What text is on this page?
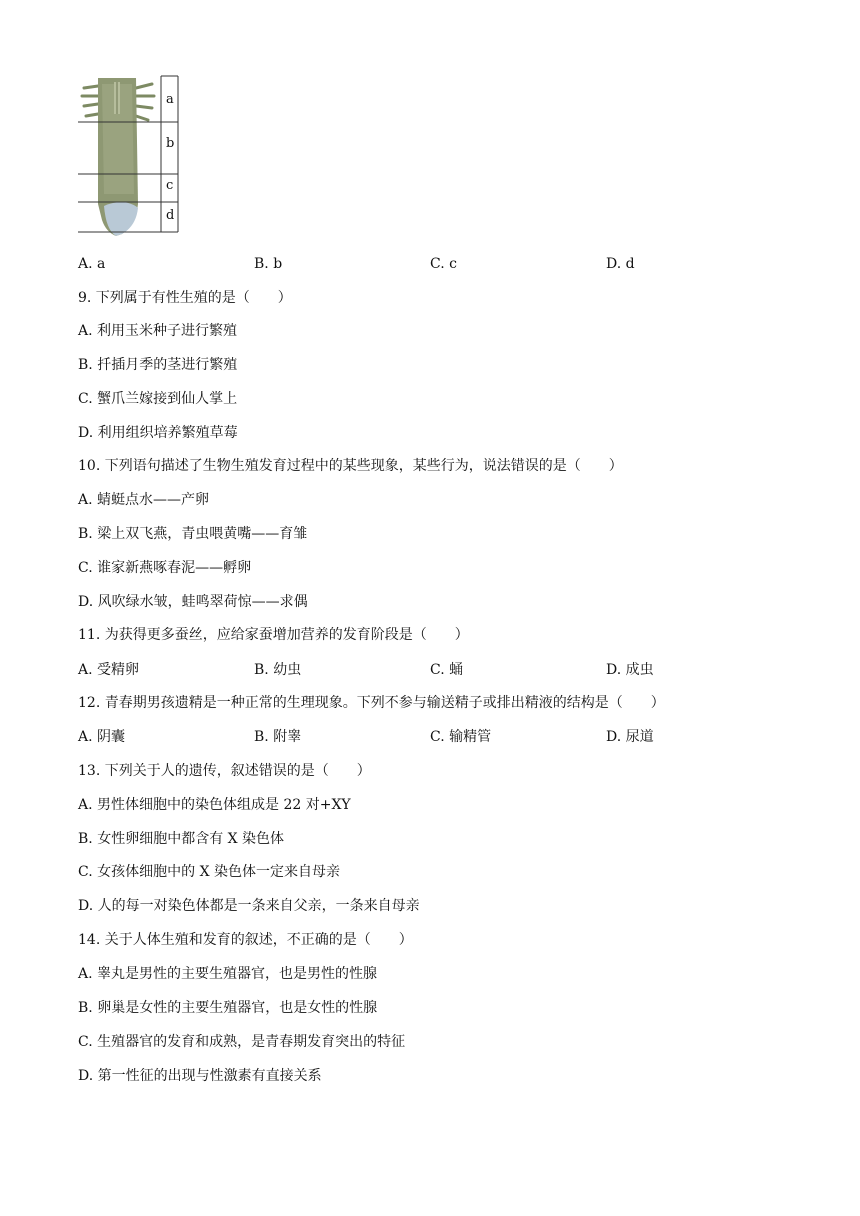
a
b
c
d
A. a	B. b	C. c	D. d
9. 下列属于有性生殖的是（　　）
A. 利用玉米种子进行繁殖
B. 扦插月季的茎进行繁殖
C. 蟹爪兰嫁接到仙人掌上
D. 利用组织培养繁殖草莓
10. 下列语句描述了生物生殖发育过程中的某些现象，某些行为，说法错误的是（　　）
A. 蜻蜓点水——产卵
B. 梁上双飞燕，青虫喂黄嘴——育雏
C. 谁家新燕啄春泥——孵卵
D. 风吹绿水皱，蛙鸣翠荷惊——求偶
11. 为获得更多蚕丝，应给家蚕增加营养的发育阶段是（　　）
A. 受精卵	B. 幼虫	C. 蛹	D. 成虫
12. 青春期男孩遗精是一种正常的生理现象。下列不参与输送精子或排出精液的结构是（　　）
A. 阴囊	B. 附睾	C. 输精管	D. 尿道
13. 下列关于人的遗传，叙述错误的是（　　）
A. 男性体细胞中的染色体组成是 22 对+XY
B. 女性卵细胞中都含有 X 染色体
C. 女孩体细胞中的 X 染色体一定来自母亲
D. 人的每一对染色体都是一条来自父亲，一条来自母亲
14. 关于人体生殖和发育的叙述，不正确的是（　　）
A. 睾丸是男性的主要生殖器官，也是男性的性腺
B. 卵巢是女性的主要生殖器官，也是女性的性腺
C. 生殖器官的发育和成熟，是青春期发育突出的特征
D. 第一性征的出现与性激素有直接关系
